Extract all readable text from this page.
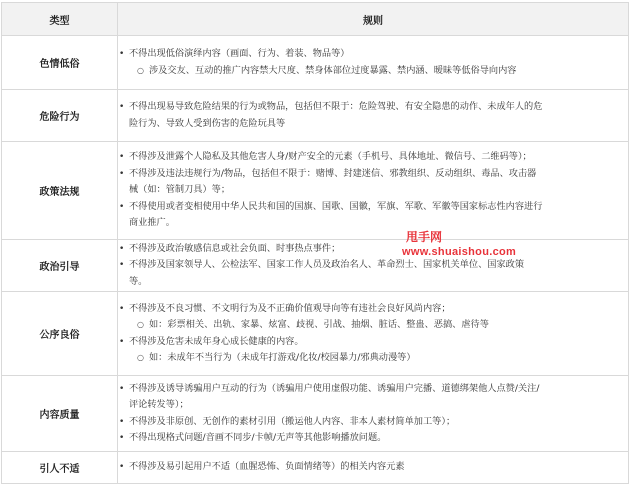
类型	规则
色情低俗	• 不得出现低俗演绎内容（画面、行为、着装、物品等）
○ 涉及交友、互动的推广内容禁大尺度、禁身体部位过度暴露、禁内涵、暧昧等低俗导向内容

危险行为	• 不得出现易导致危险结果的行为或物品，包括但不限于：危险驾驶、有安全隐患的动作、未成年人的危
险行为、导致人受到伤害的危险玩具等

政策法规	• 不得涉及泄露个人隐私及其他危害人身/财产安全的元素（手机号、具体地址、微信号、二维码等）；
• 不得涉及违法违规行为/物品，包括但不限于：赌博、封建迷信、邪教组织、反动组织、毒品、攻击器
械（如：管制刀具）等；
• 不得使用或者变相使用中华人民共和国的国旗、国歌、国徽，军旗、军歌、军徽等国家标志性内容进行
商业推广。

政治引导	• 不得涉及政治敏感信息或社会负面、时事热点事件；
• 不得涉及国家领导人、公检法军、国家工作人员及政治名人、革命烈士、国家机关单位、国家政策
等。

公序良俗	• 不得涉及不良习惯、不文明行为及不正确价值观导向等有违社会良好风尚内容；
○ 如：彩票相关、出轨、家暴、炫富、歧视、引战、抽烟、脏话、整蛊、恶搞、虐待等
• 不得涉及危害未成年身心成长健康的内容。
○ 如：未成年不当行为（未成年打游戏/化妆/校园暴力/邪典动漫等）

内容质量	• 不得涉及诱导诱骗用户互动的行为（诱骗用户使用虚假功能、诱骗用户完播、道德绑架他人点赞/关注/
评论转发等）；
• 不得涉及非原创、无创作的素材引用（搬运他人内容、非本人素材简单加工等）；
• 不得出现格式问题/音画不同步/卡帧/无声等其他影响播放问题。

引人不适	• 不得涉及易引起用户不适（血腥恐怖、负面情绪等）的相关内容元素
甩手网
www.shuaishou.com
